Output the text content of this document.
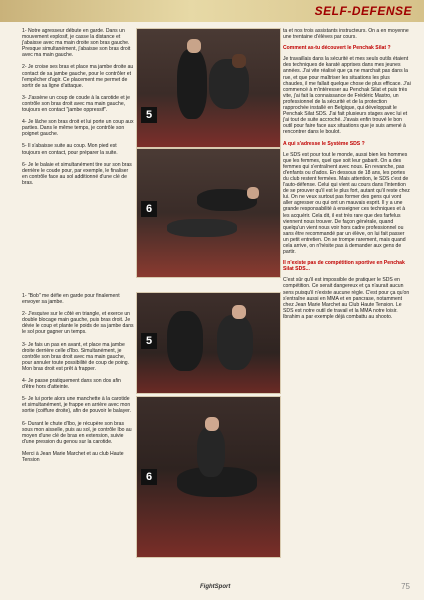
SELF-DEFENSE

1- Notre agresseur débute en garde. Dans un mouvement explosif, je casse la distance et j'abaisse avec ma main droite son bras gauche. Presque simultanément, j'abaisse son bras droit avec ma main gauche.

2- Je croise ses bras et place ma jambe droite au contact de sa jambe gauche, pour le contrôler et l'empêcher d'agir. Ce placement me permet de sortir de sa ligne d'attaque.

3- J'assène un coup de coude à la carotide et je contrôle son bras droit avec ma main gauche, toujours en contact "jambe oppressif".

4- Je lâche son bras droit et lui porte un coup aux parties. Dans le même temps, je contrôle son poignet gauche.

5- Il s'abaisse suite au coup. Mon pied est toujours en contact, pour préparer la suite.

6- Je le balaie et simultanément tire sur son bras derrière le coude pour, par exemple, le finaliser en contrôle face au sol additionné d'une clé de bras.

1- "Bob" me défie en garde pour finalement envoyer sa jambe.

2- J'esquive sur le côté en triangle, et exerce un double blocage main gauche, puis bras droit. Je dévie le coup et plante le poids de sa jambe dans le sol pour gagner un temps.

3- Je fais un pas en avant, et place ma jambe droite derrière celle d'Ibo. Simultanément, je contrôle son bras droit avec ma main gauche, pour annuler toute possibilité de coup de poing. Mon bras droit est prêt à frapper.

4- Je passe pratiquement dans son dos afin d'être hors d'atteinte.

5- Je lui porte alors une manchette à la carotide et simultanément, je frappe en arrière avec mon sortie (coiffure droite), afin de pouvoir le balayer.

6- Durant le chute d'Ibo, je récupère son bras sous mon aisselle, puis au sol, je contrôle Ibo au moyen d'une clé de bras en extension, suivie d'une pression du genou sur la carotide.

Merci à Jean Marie Marchet et au club Haute Tension

5
6
5
6

ta et nos trois assistants instructeurs. On a en moyenne une trentaine d'élèves par cours.

Comment as-tu découvert le Penchak Silat ?

Je travaillais dans la sécurité et mes seuls outils étaient des techniques de karaté apprises dans mes jeunes années. J'ai vite réalisé que ça ne marchait pas dans la rue, et que pour maîtriser les situations les plus chaudes, il me fallait quelque chose de plus efficace. J'ai commencé à m'intéresser au Penchak Silat et puis très vite, j'ai fait la connaissance de Frédéric Mastro, un professionnel de la sécurité et de la protection rapprochée installé en Belgique, qui développait le Penchak Silat SDS. J'ai fait plusieurs stages avec lui et j'ai tout de suite accroché. J'avais enfin trouvé le bon outil pour faire face aux situations que je suis amené à rencontrer dans le boulot.

A qui s'adresse le Système SDS ?

Le SDS est pour tout le monde, aussi bien les hommes que les femmes, quel que soit leur gabarit. On a des femmes qui s'entraînent avec nous. En revanche, pas d'enfants ou d'ados. En dessous de 18 ans, les portes du club restent fermées. Mais attention, le SDS c'est de l'auto-défense. Celui qui vient au cours dans l'intention de se prouver qu'il est le plus fort, autant qu'il reste chez lui. On ne veux surtout pas former des gens qui vont aller agresser ou qui ont un mauvais esprit. Il y a une grande responsabilité à enseigner ces techniques et à les acquérir. Cela dit, il est très rare que des farfelus viennent nous trouver. De façon générale, quand quelqu'un vient nous voir hors cadre professionnel ou sans être recommandé par un élève, on lui fait passer un petit entretien. On se trompe rarement, mais quand cela arrive, on n'hésite pas à demander aux gens de partir.

Il n'existe pas de compétition sportive en Penchak Silat SDS...

C'est sûr qu'il est impossible de pratiquer le SDS en compétition. Ce serait dangereux et ça n'aurait aucun sens puisqu'il n'existe aucune règle. C'est pour ça qu'on s'entraîne aussi en MMA et en pancrase, notamment chez Jean Marie Marchet au Club Haute Tension. Le SDS est notre outil de travail et la MMA notre loisir. Ibrahim a par exemple déjà combattu au shooto.

FightSport	75
